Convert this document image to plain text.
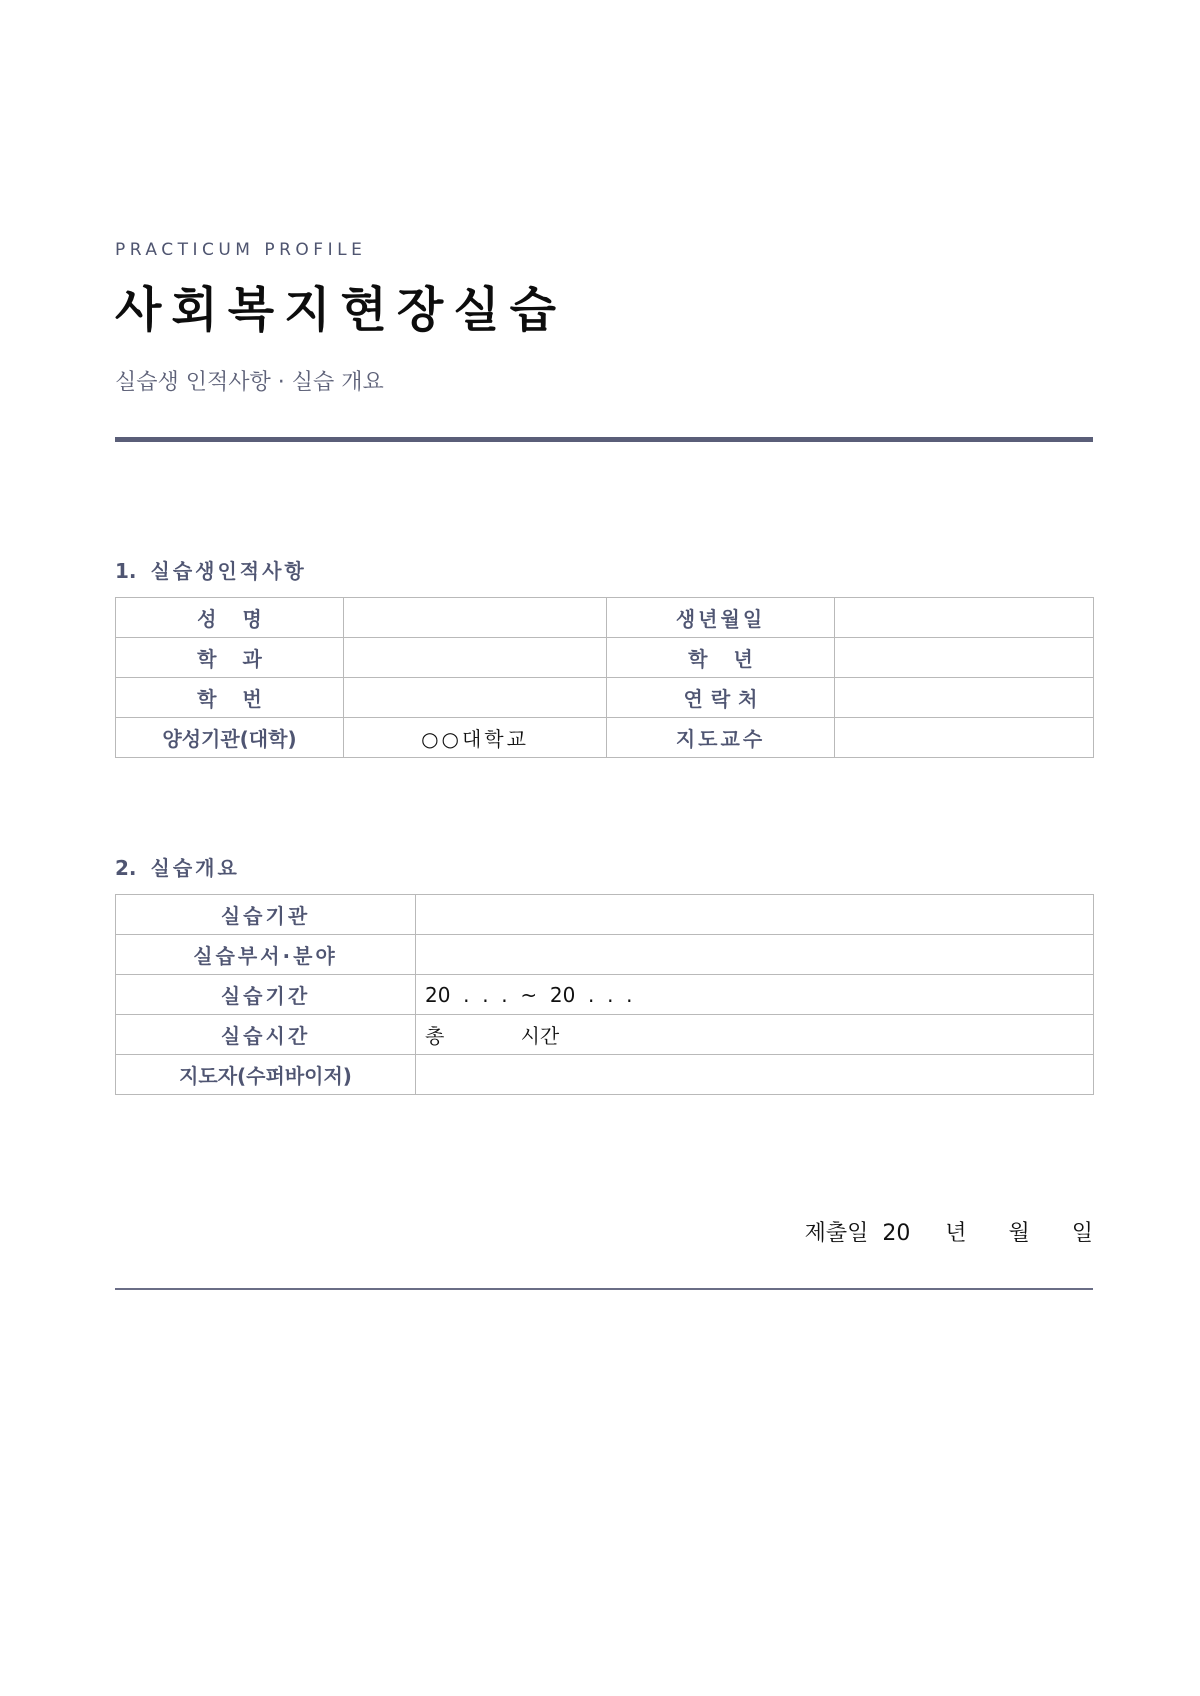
PRACTICUM PROFILE
사회복지현장실습
실습생 인적사항 · 실습 개요
1. 실습생인적사항
성명		생년월일	
학과		학년	
학번		연락처	
양성기관(대학)	○○대학교	지도교수	
2. 실습개요
실습기관	
실습부서·분야	
실습기간	20  .  .  .  ~  20  .  .  .
실습시간	총            시간
지도자(수퍼바이저)	
제출일  20     년      월      일
